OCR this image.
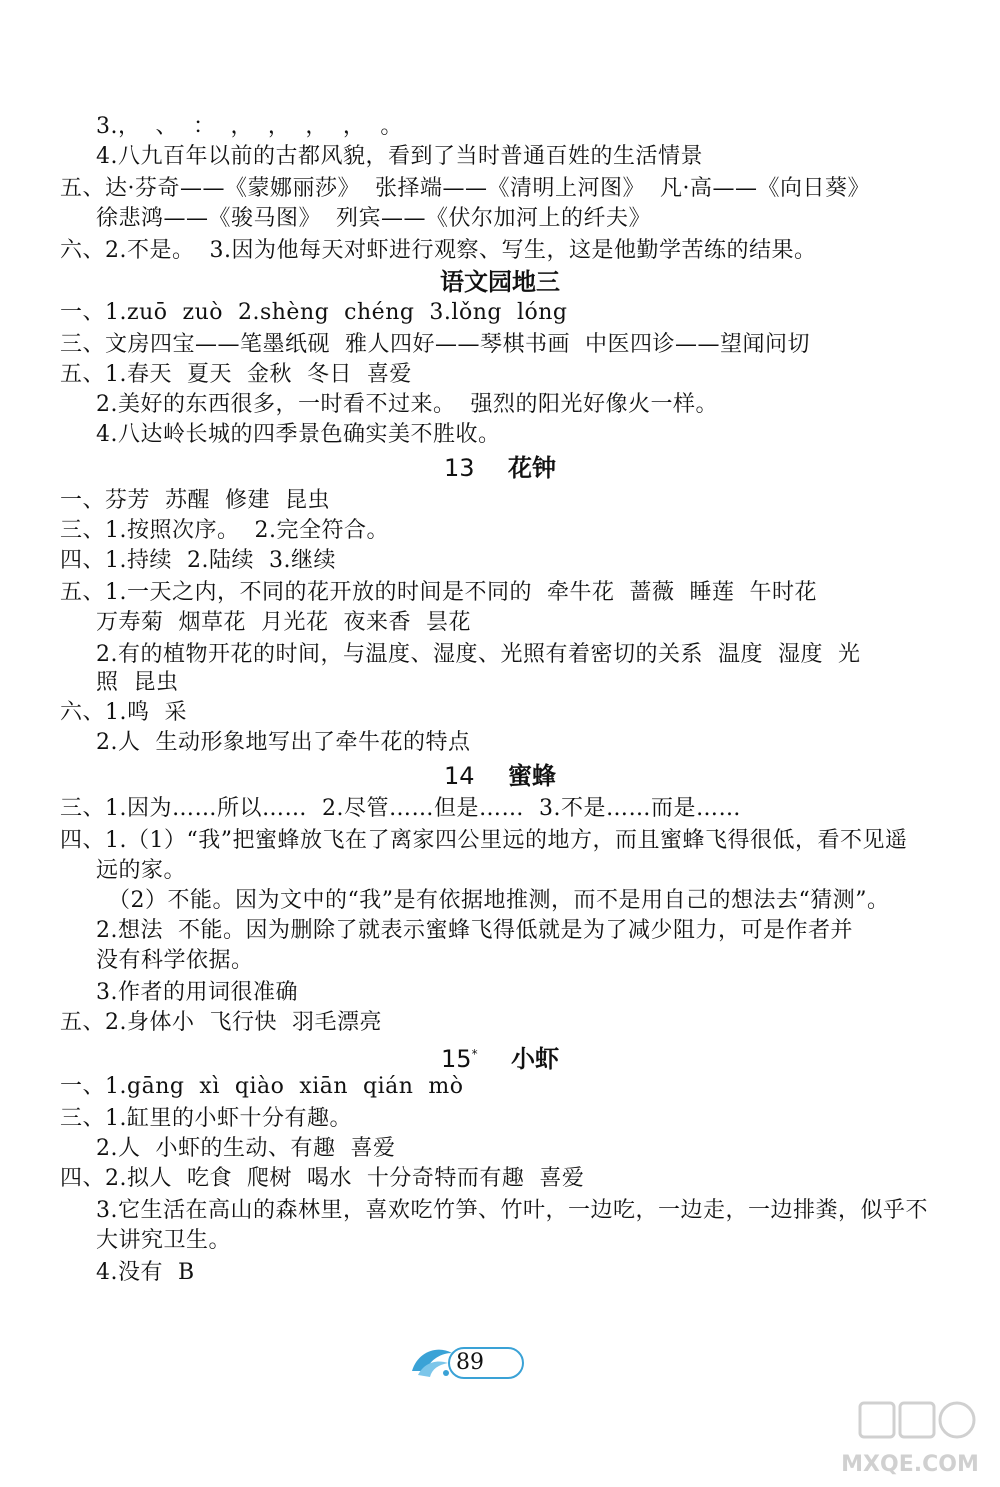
3.，  、  ：  ，  ，  ，  ，  。
4.八九百年以前的古都风貌，看到了当时普通百姓的生活情景
五、达·芬奇——《蒙娜丽莎》  张择端——《清明上河图》  凡·高——《向日葵》
徐悲鸿——《骏马图》  列宾——《伏尔加河上的纤夫》
六、2.不是。  3.因为他每天对虾进行观察、写生，这是他勤学苦练的结果。
语文园地三
一、1.zuō  zuò  2.shèng  chéng  3.lǒng  lóng
三、文房四宝——笔墨纸砚  雅人四好——琴棋书画  中医四诊——望闻问切
五、1.春天  夏天  金秋  冬日  喜爱
2.美好的东西很多，一时看不过来。  强烈的阳光好像火一样。
4.八达岭长城的四季景色确实美不胜收。
13 花钟
一、芬芳  苏醒  修建  昆虫
三、1.按照次序。  2.完全符合。
四、1.持续  2.陆续  3.继续
五、1.一天之内，不同的花开放的时间是不同的  牵牛花  蔷薇  睡莲  午时花
万寿菊  烟草花  月光花  夜来香  昙花
2.有的植物开花的时间，与温度、湿度、光照有着密切的关系  温度  湿度  光
照  昆虫
六、1.鸣  采
2.人  生动形象地写出了牵牛花的特点
14 蜜蜂
三、1.因为……所以……  2.尽管……但是……  3.不是……而是……
四、1.（1）“我”把蜜蜂放飞在了离家四公里远的地方，而且蜜蜂飞得很低，看不见遥
远的家。
（2）不能。因为文中的“我”是有依据地推测，而不是用自己的想法去“猜测”。
2.想法  不能。因为删除了就表示蜜蜂飞得低就是为了减少阻力，可是作者并
没有科学依据。
3.作者的用词很准确
五、2.身体小  飞行快  羽毛漂亮
15* 小虾
一、1.gāng  xì  qiào  xiān  qián  mò
三、1.缸里的小虾十分有趣。
2.人  小虾的生动、有趣  喜爱
四、2.拟人  吃食  爬树  喝水  十分奇特而有趣  喜爱
3.它生活在高山的森林里，喜欢吃竹笋、竹叶，一边吃，一边走，一边排粪，似乎不
大讲究卫生。
4.没有  B
89
MXQE.COM
